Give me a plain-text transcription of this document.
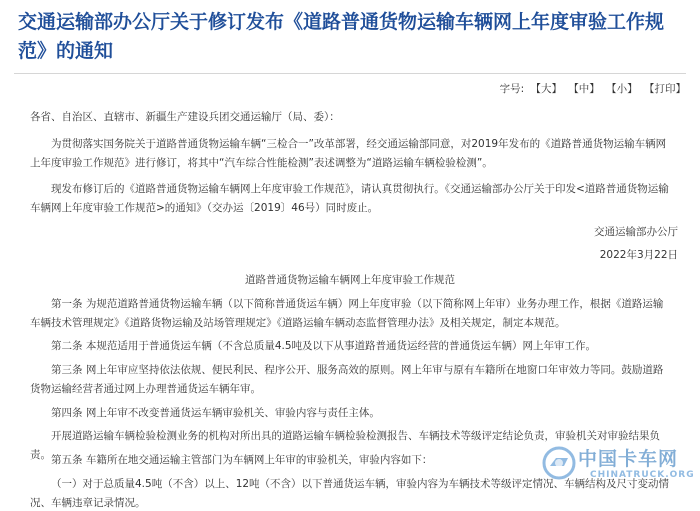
交通运输部办公厅关于修订发布《道路普通货物运输车辆网上年度审验工作规范》的通知
字号: 【大】 【中】 【小】 【打印】
各省、自治区、直辖市、新疆生产建设兵团交通运输厅（局、委）：
为贯彻落实国务院关于道路普通货物运输车辆“三检合一”改革部署，经交通运输部同意，对2019年发布的《道路普通货物运输车辆网上年度审验工作规范》进行修订，将其中“汽车综合性能检测”表述调整为“道路运输车辆检验检测”。
现发布修订后的《道路普通货物运输车辆网上年度审验工作规范》，请认真贯彻执行。《交通运输部办公厅关于印发<道路普通货物运输车辆网上年度审验工作规范>的通知》（交办运〔2019〕46号）同时废止。
交通运输部办公厅
2022年3月22日
道路普通货物运输车辆网上年度审验工作规范
第一条 为规范道路普通货物运输车辆（以下简称普通货运车辆）网上年度审验（以下简称网上年审）业务办理工作，根据《道路运输车辆技术管理规定》《道路货物运输及站场管理规定》《道路运输车辆动态监督管理办法》及相关规定，制定本规范。
第二条 本规范适用于普通货运车辆（不含总质量4.5吨及以下从事道路普通货运经营的普通货运车辆）网上年审工作。
第三条 网上年审应坚持依法依规、便民利民、程序公开、服务高效的原则。网上年审与原有车籍所在地窗口年审效力等同。鼓励道路货物运输经营者通过网上办理普通货运车辆年审。
第四条 网上年审不改变普通货运车辆审验机关、审验内容与责任主体。
开展道路运输车辆检验检测业务的机构对所出具的道路运输车辆检验检测报告、车辆技术等级评定结论负责，审验机关对审验结果负责。 第五条 车籍所在地交通运输主管部门为车辆网上年审的审验机关，审验内容如下：
（一）对于总质量4.5吨（不含）以上、12吨（不含）以下普通货运车辆，审验内容为车辆技术等级评定情况、车辆结构及尺寸变动情况、车辆违章记录情况。
中国卡车网
CHINATRUCK.ORG
